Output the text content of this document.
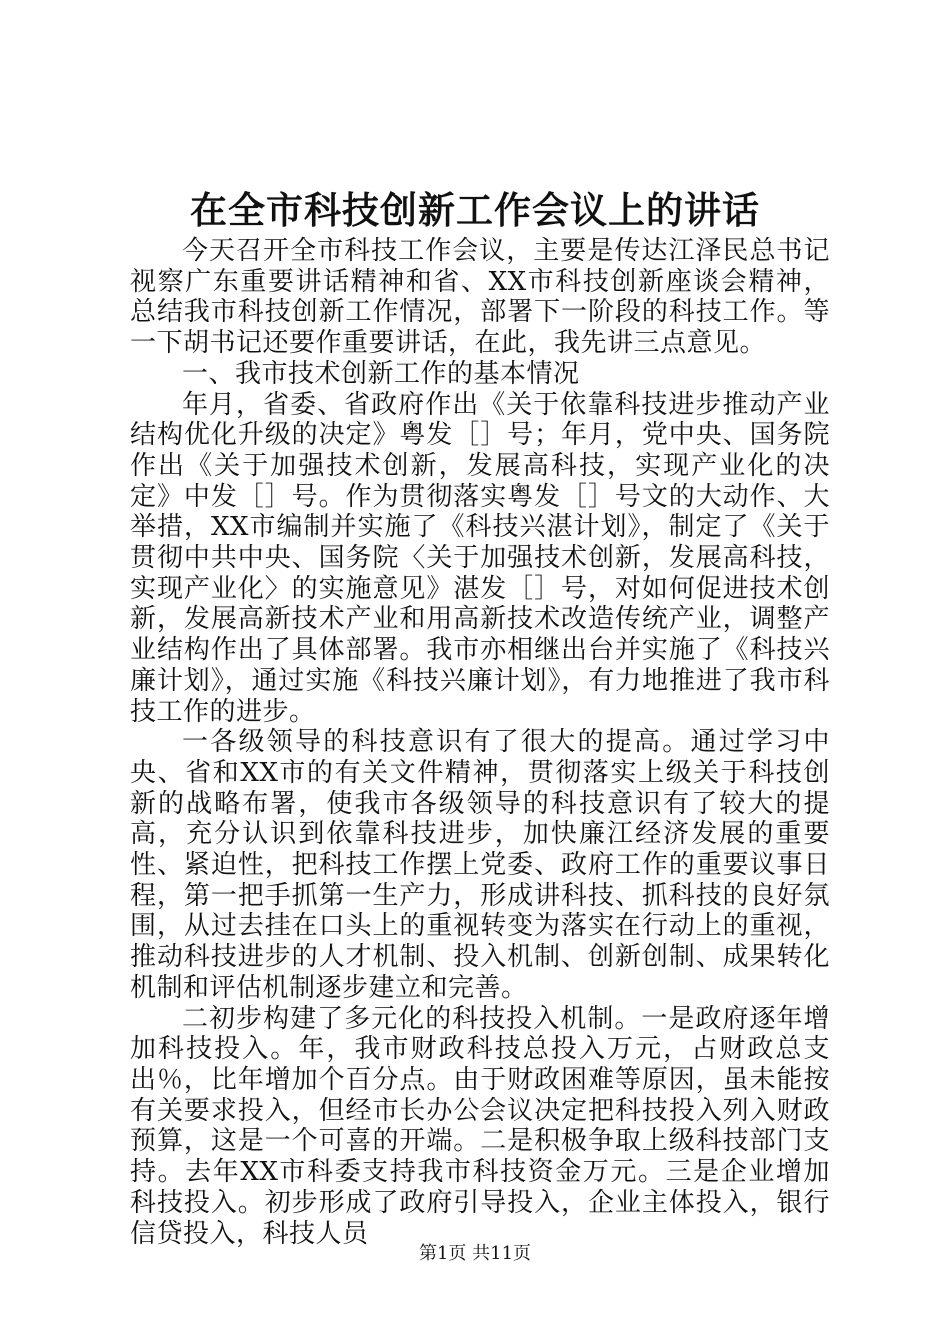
在全市科技创新工作会议上的讲话

今天召开全市科技工作会议，主要是传达江泽民总书记视察广东重要讲话精神和省、XX市科技创新座谈会精神，总结我市科技创新工作情况，部署下一阶段的科技工作。等一下胡书记还要作重要讲话，在此，我先讲三点意见。

一、我市技术创新工作的基本情况

年月，省委、省政府作出《关于依靠科技进步推动产业结构优化升级的决定》粤发［］号；年月，党中央、国务院作出《关于加强技术创新，发展高科技，实现产业化的决定》中发［］号。作为贯彻落实粤发［］号文的大动作、大举措，XX市编制并实施了《科技兴湛计划》，制定了《关于贯彻中共中央、国务院〈关于加强技术创新，发展高科技，实现产业化〉的实施意见》湛发［］号，对如何促进技术创新，发展高新技术产业和用高新技术改造传统产业，调整产业结构作出了具体部署。我市亦相继出台并实施了《科技兴廉计划》，通过实施《科技兴廉计划》，有力地推进了我市科技工作的进步。

一各级领导的科技意识有了很大的提高。通过学习中央、省和XX市的有关文件精神，贯彻落实上级关于科技创新的战略布署，使我市各级领导的科技意识有了较大的提高，充分认识到依靠科技进步，加快廉江经济发展的重要性、紧迫性，把科技工作摆上党委、政府工作的重要议事日程，第一把手抓第一生产力，形成讲科技、抓科技的良好氛围，从过去挂在口头上的重视转变为落实在行动上的重视，推动科技进步的人才机制、投入机制、创新创制、成果转化机制和评估机制逐步建立和完善。

二初步构建了多元化的科技投入机制。一是政府逐年增加科技投入。年，我市财政科技总投入万元，占财政总支出％，比年增加个百分点。由于财政困难等原因，虽未能按有关要求投入，但经市长办公会议决定把科技投入列入财政预算，这是一个可喜的开端。二是积极争取上级科技部门支持。去年XX市科委支持我市科技资金万元。三是企业增加科技投入。初步形成了政府引导投入，企业主体投入，银行信贷投入，科技人员

第1页 共11页
